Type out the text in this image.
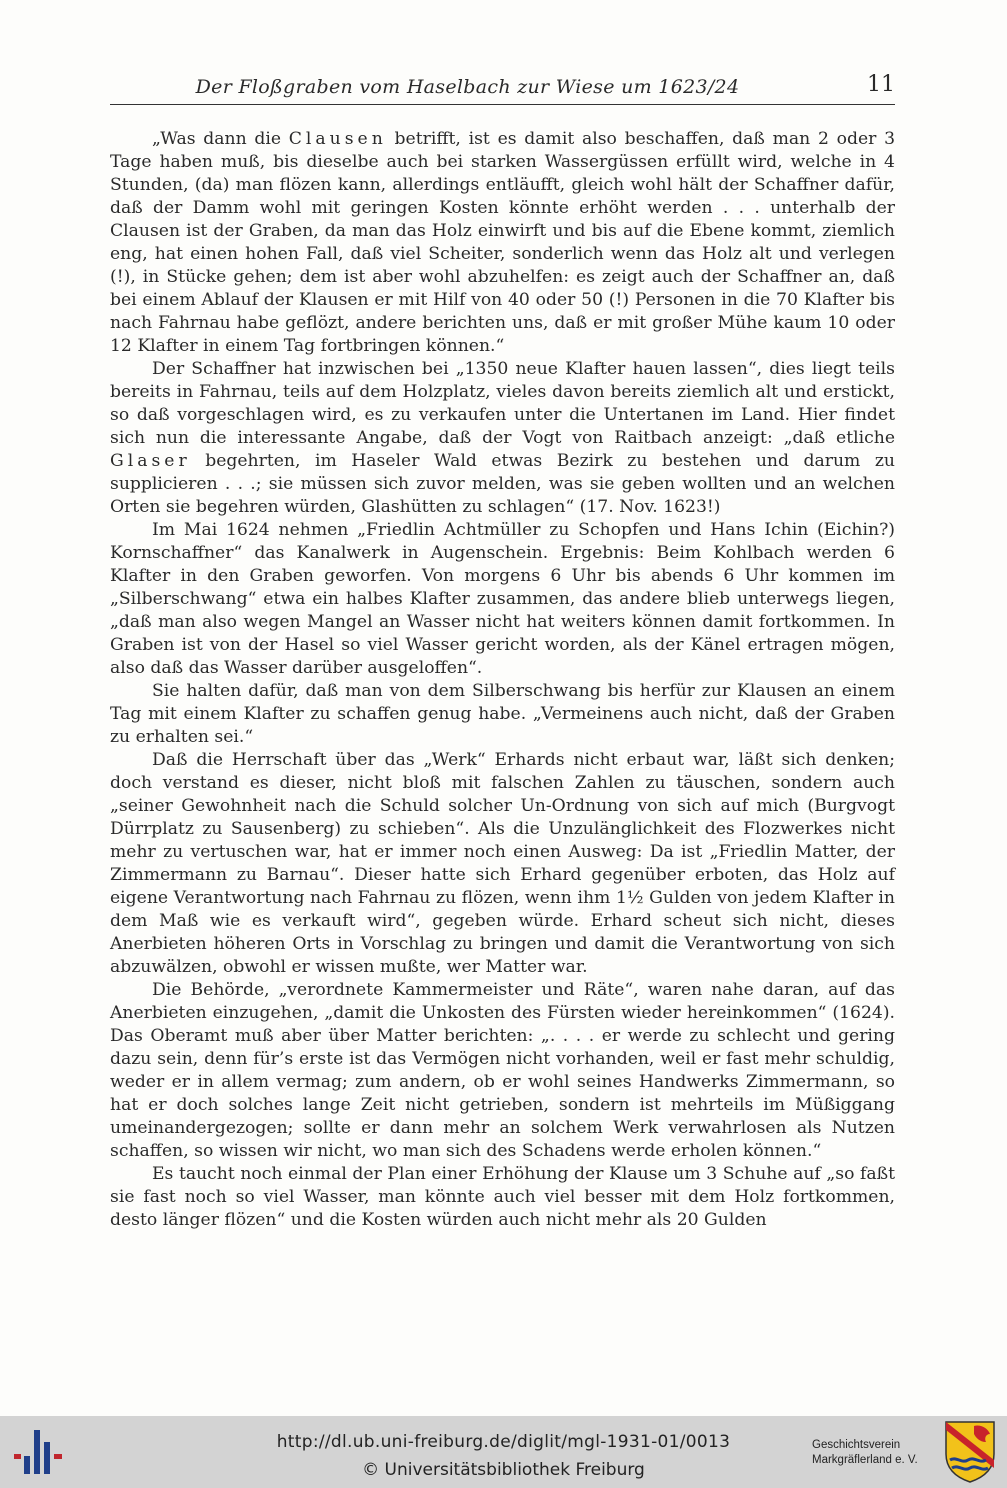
Der Floßgraben vom Haselbach zur Wiese um 1623/24	11

„Was dann die Clausen betrifft, ist es damit also beschaffen, daß man 2 oder 3 Tage haben muß, bis dieselbe auch bei starken Wassergüssen erfüllt wird, welche in 4 Stunden, (da) man flözen kann, allerdings entläufft, gleich wohl hält der Schaffner dafür, daß der Damm wohl mit geringen Kosten könnte erhöht werden . . . unterhalb der Clausen ist der Graben, da man das Holz einwirft und bis auf die Ebene kommt, ziemlich eng, hat einen hohen Fall, daß viel Scheiter, sonderlich wenn das Holz alt und verlegen (!), in Stücke gehen; dem ist aber wohl abzuhelfen: es zeigt auch der Schaffner an, daß bei einem Ablauf der Klausen er mit Hilf von 40 oder 50 (!) Personen in die 70 Klafter bis nach Fahrnau habe geflözt, andere berichten uns, daß er mit großer Mühe kaum 10 oder 12 Klafter in einem Tag fortbringen können.“

Der Schaffner hat inzwischen bei „1350 neue Klafter hauen lassen“, dies liegt teils bereits in Fahrnau, teils auf dem Holzplatz, vieles davon bereits ziemlich alt und erstickt, so daß vorgeschlagen wird, es zu verkaufen unter die Untertanen im Land. Hier findet sich nun die interessante Angabe, daß der Vogt von Raitbach anzeigt: „daß etliche Glaser begehrten, im Haseler Wald etwas Bezirk zu bestehen und darum zu supplicieren . . .; sie müssen sich zuvor melden, was sie geben wollten und an welchen Orten sie begehren würden, Glashütten zu schlagen“ (17. Nov. 1623!)

Im Mai 1624 nehmen „Friedlin Achtmüller zu Schopfen und Hans Ichin (Eichin?) Kornschaffner“ das Kanalwerk in Augenschein. Ergebnis: Beim Kohlbach werden 6 Klafter in den Graben geworfen. Von morgens 6 Uhr bis abends 6 Uhr kommen im „Silberschwang“ etwa ein halbes Klafter zusammen, das andere blieb unterwegs liegen, „daß man also wegen Mangel an Wasser nicht hat weiters können damit fortkommen. In Graben ist von der Hasel so viel Wasser gericht worden, als der Känel ertragen mögen, also daß das Wasser darüber ausgeloffen“.

Sie halten dafür, daß man von dem Silberschwang bis herfür zur Klausen an einem Tag mit einem Klafter zu schaffen genug habe. „Vermeinens auch nicht, daß der Graben zu erhalten sei.“

Daß die Herrschaft über das „Werk“ Erhards nicht erbaut war, läßt sich denken; doch verstand es dieser, nicht bloß mit falschen Zahlen zu täuschen, sondern auch „seiner Gewohnheit nach die Schuld solcher Un-Ordnung von sich auf mich (Burgvogt Dürrplatz zu Sausenberg) zu schieben“. Als die Unzulänglichkeit des Flozwerkes nicht mehr zu vertuschen war, hat er immer noch einen Ausweg: Da ist „Friedlin Matter, der Zimmermann zu Barnau“. Dieser hatte sich Erhard gegenüber erboten, das Holz auf eigene Verantwortung nach Fahrnau zu flözen, wenn ihm 1½ Gulden von jedem Klafter in dem Maß wie es verkauft wird“, gegeben würde. Erhard scheut sich nicht, dieses Anerbieten höheren Orts in Vorschlag zu bringen und damit die Verantwortung von sich abzuwälzen, obwohl er wissen mußte, wer Matter war.

Die Behörde, „verordnete Kammermeister und Räte“, waren nahe daran, auf das Anerbieten einzugehen, „damit die Unkosten des Fürsten wieder hereinkommen“ (1624). Das Oberamt muß aber über Matter berichten: „. . . . er werde zu schlecht und gering dazu sein, denn für’s erste ist das Vermögen nicht vorhanden, weil er fast mehr schuldig, weder er in allem vermag; zum andern, ob er wohl seines Handwerks Zimmermann, so hat er doch solches lange Zeit nicht getrieben, sondern ist mehrteils im Müßiggang umeinandergezogen; sollte er dann mehr an solchem Werk verwahrlosen als Nutzen schaffen, so wissen wir nicht, wo man sich des Schadens werde erholen können.“

Es taucht noch einmal der Plan einer Erhöhung der Klause um 3 Schuhe auf „so faßt sie fast noch so viel Wasser, man könnte auch viel besser mit dem Holz fortkommen, desto länger flözen“ und die Kosten würden auch nicht mehr als 20 Gulden

http://dl.ub.uni-freiburg.de/diglit/mgl-1931-01/0013
© Universitätsbibliothek Freiburg
Geschichtsverein
Markgräflerland e. V.
